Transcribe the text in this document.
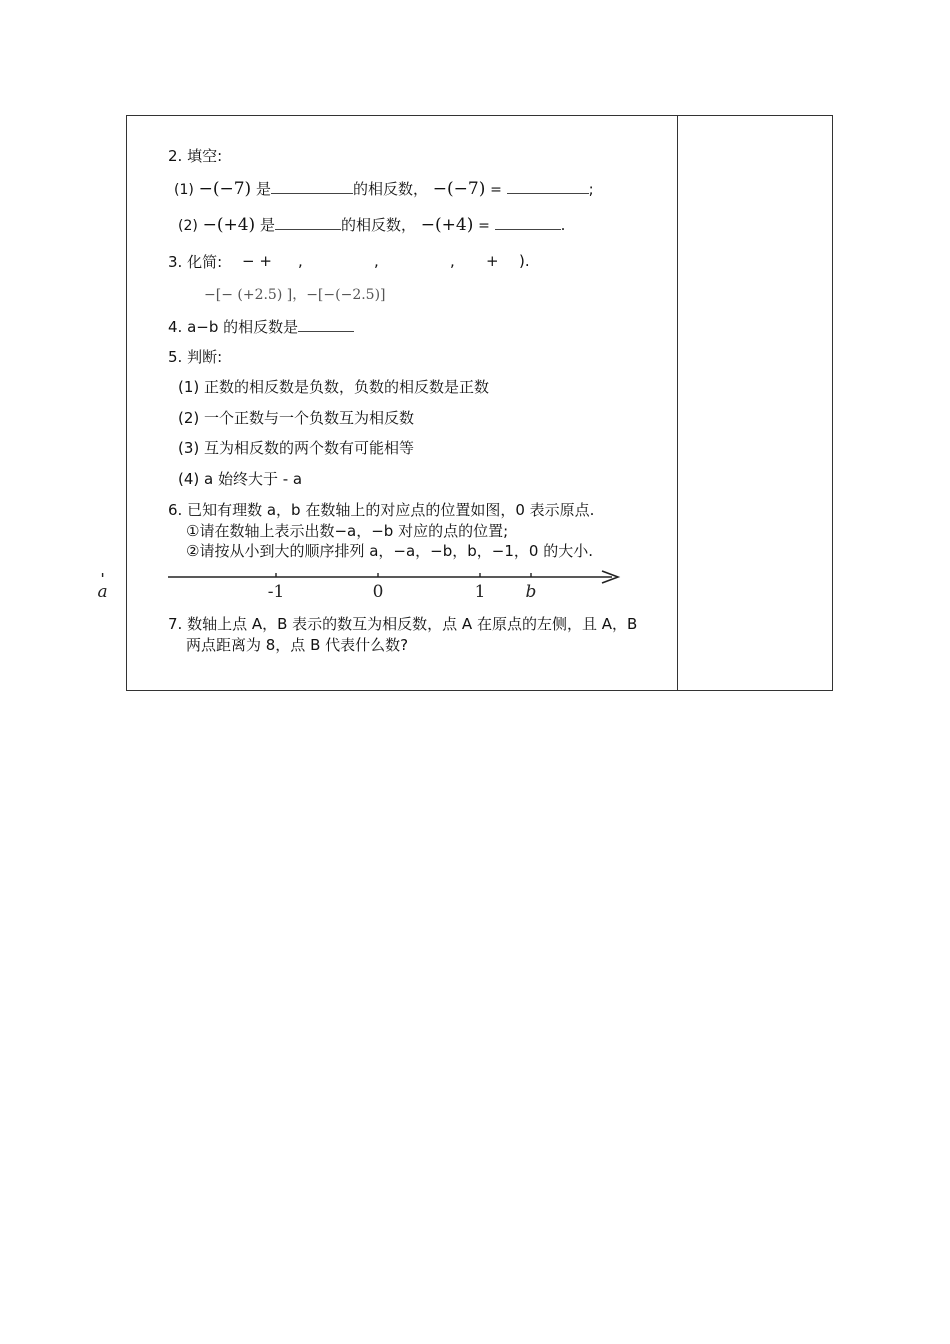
2. 填空:
(1) −(−7) 是	的相反数， −(−7) =	;
(2) −(+4) 是	的相反数， −(+4) =	.
3. 化简: − + ,	,	, + ).
−[− (+2.5) ]，−[−(−2.5)]
4. a−b 的相反数是
5. 判断:
(1) 正数的相反数是负数，负数的相反数是正数
(2) 一个正数与一个负数互为相反数
(3) 互为相反数的两个数有可能相等
(4) a 始终大于 - a
6. 已知有理数 a，b 在数轴上的对应点的位置如图，0 表示原点.
①请在数轴上表示出数−a，−b 对应的点的位置;
②请按从小到大的顺序排列 a，−a，−b，b，−1，0 的大小.
a	-1	0	1 b
7. 数轴上点 A，B 表示的数互为相反数，点 A 在原点的左侧，且 A，B
两点距离为 8，点 B 代表什么数?
